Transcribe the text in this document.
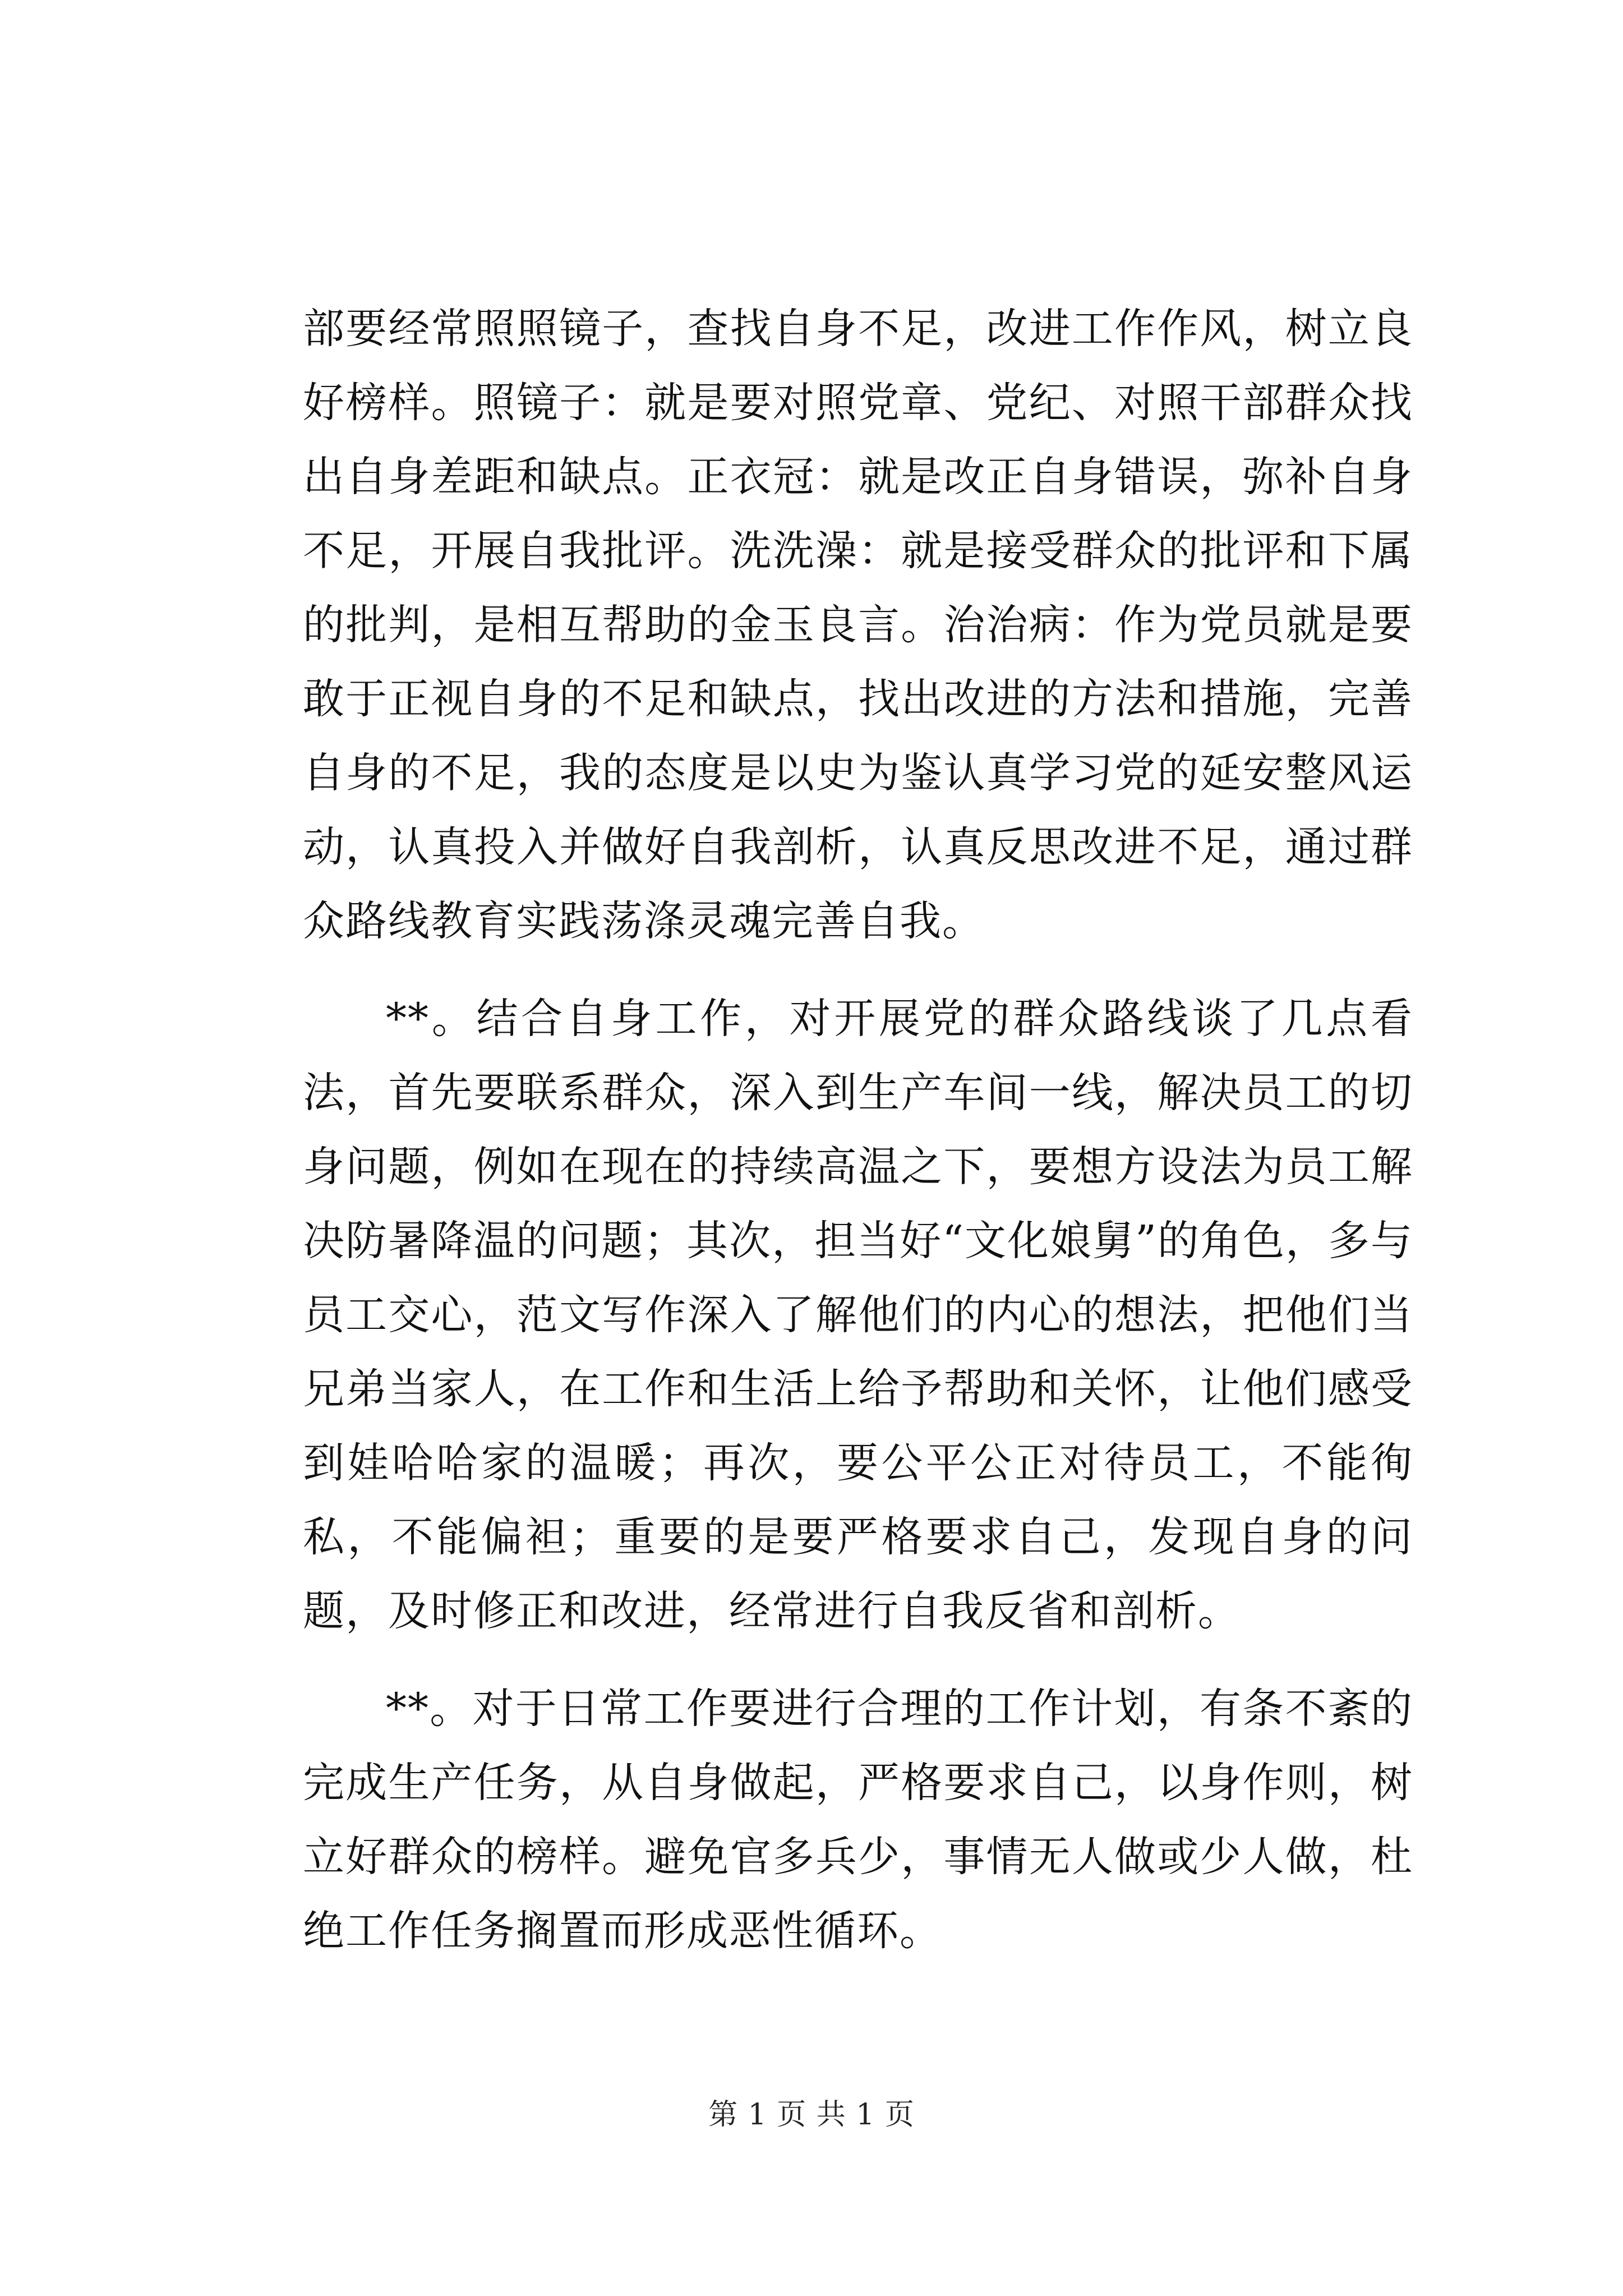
部要经常照照镜子，查找自身不足，改进工作作风，树立良好榜样。照镜子：就是要对照党章、党纪、对照干部群众找出自身差距和缺点。正衣冠：就是改正自身错误，弥补自身不足，开展自我批评。洗洗澡：就是接受群众的批评和下属的批判，是相互帮助的金玉良言。治治病：作为党员就是要敢于正视自身的不足和缺点，找出改进的方法和措施，完善自身的不足，我的态度是以史为鉴认真学习党的延安整风运动，认真投入并做好自我剖析，认真反思改进不足，通过群众路线教育实践荡涤灵魂完善自我。

**。结合自身工作，对开展党的群众路线谈了几点看法，首先要联系群众，深入到生产车间一线，解决员工的切身问题，例如在现在的持续高温之下，要想方设法为员工解决防暑降温的问题；其次，担当好“文化娘舅”的角色，多与员工交心，范文写作深入了解他们的内心的想法，把他们当兄弟当家人，在工作和生活上给予帮助和关怀，让他们感受到娃哈哈家的温暖；再次，要公平公正对待员工，不能徇私，不能偏袒；重要的是要严格要求自己，发现自身的问题，及时修正和改进，经常进行自我反省和剖析。

**。对于日常工作要进行合理的工作计划，有条不紊的完成生产任务，从自身做起，严格要求自己，以身作则，树立好群众的榜样。避免官多兵少，事情无人做或少人做，杜绝工作任务搁置而形成恶性循环。

第 1 页 共 1 页
